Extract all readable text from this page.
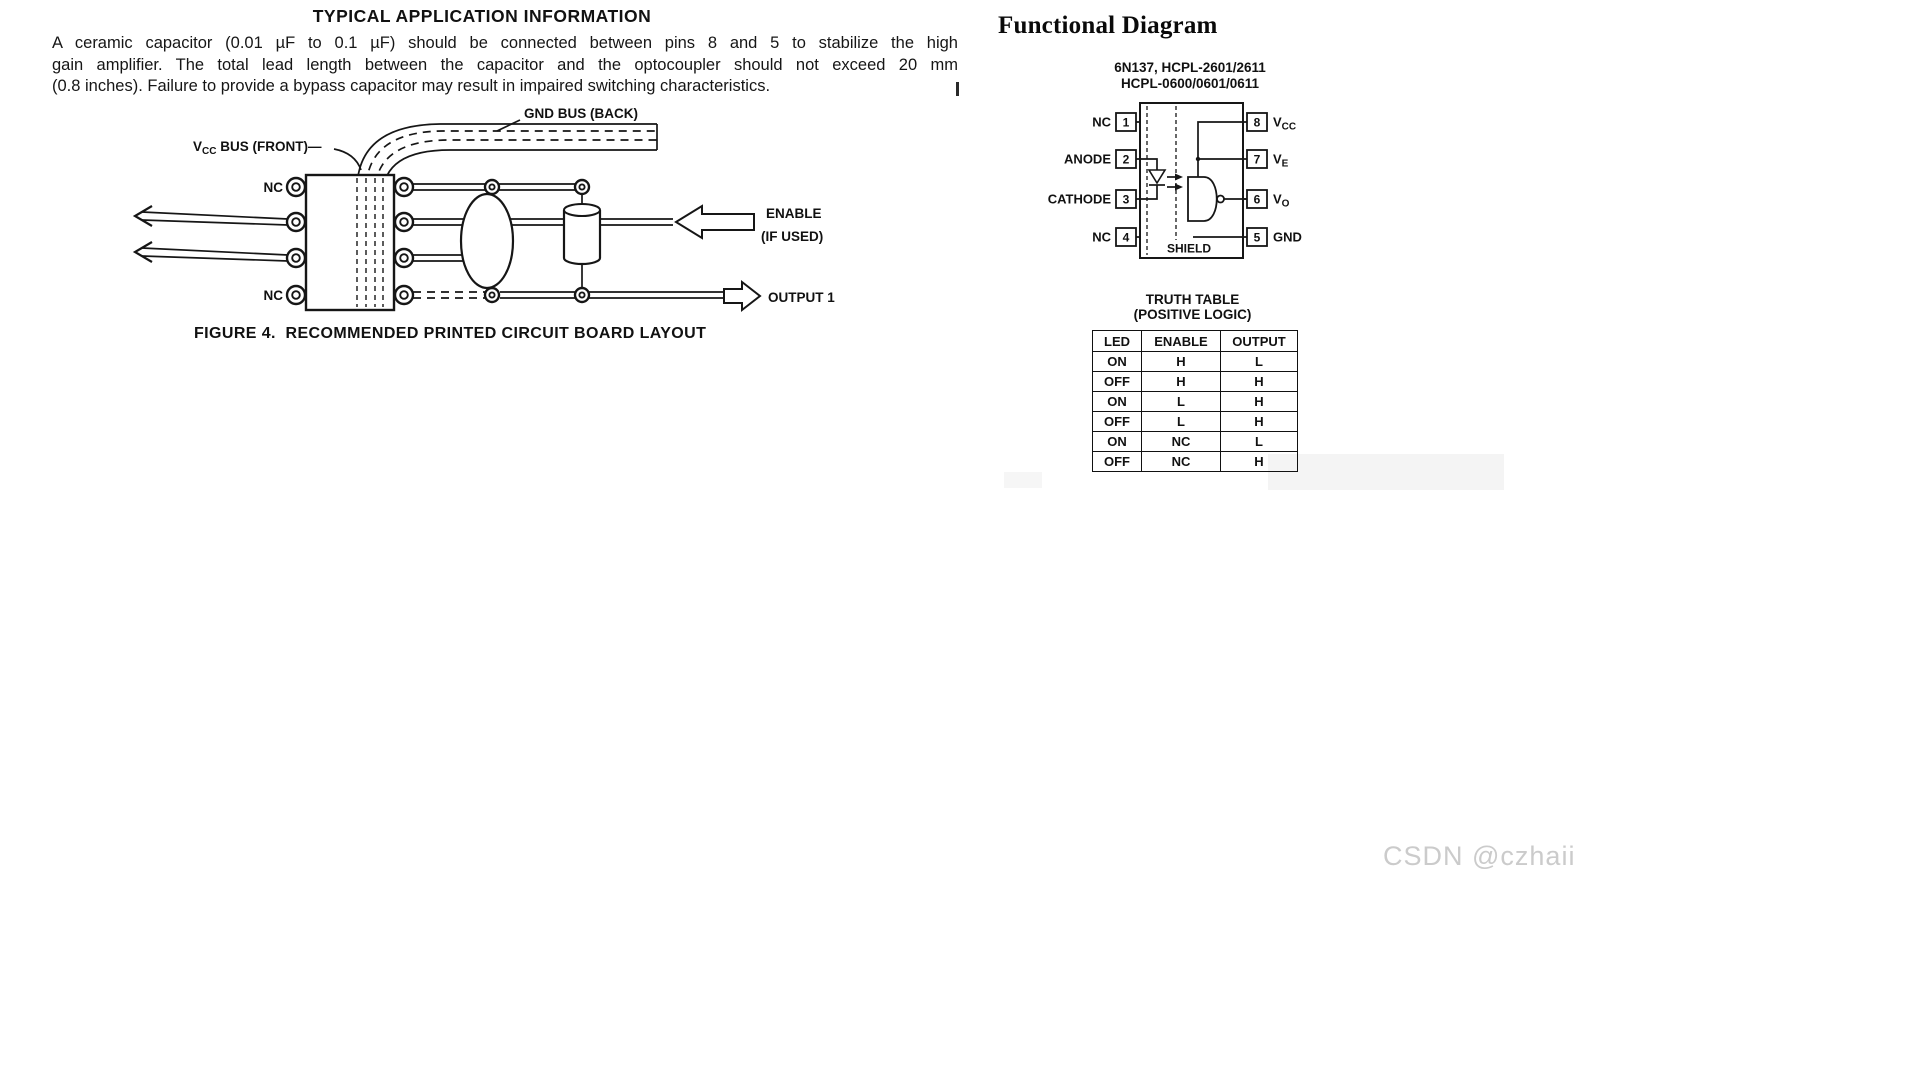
TYPICAL APPLICATION INFORMATION
A ceramic capacitor (0.01 µF to 0.1 µF) should be connected between pins 8 and 5 to stabilize the high
gain amplifier. The total lead length between the capacitor and the optocoupler should not exceed 20 mm
(0.8 inches). Failure to provide a bypass capacitor may result in impaired switching characteristics.
GND BUS (BACK)
$V_{CC}$ BUS (FRONT)—
NC
NC
ENABLE
(IF USED)
OUTPUT 1
FIGURE 4.  RECOMMENDED PRINTED CIRCUIT BOARD LAYOUT
Functional Diagram
6N137, HCPL-2601/2611
HCPL-0600/0601/0611
1
2
3
4
8
7
6
5
NC
ANODE
CATHODE
NC
$V_{CC}$
$V_E$
$V_O$
GND
SHIELD
TRUTH TABLE
(POSITIVE LOGIC)
LED	ENABLE	OUTPUT
ON	H	L
OFF	H	H
ON	L	H
OFF	L	H
ON	NC	L
OFF	NC	H
CSDN @czhaii
